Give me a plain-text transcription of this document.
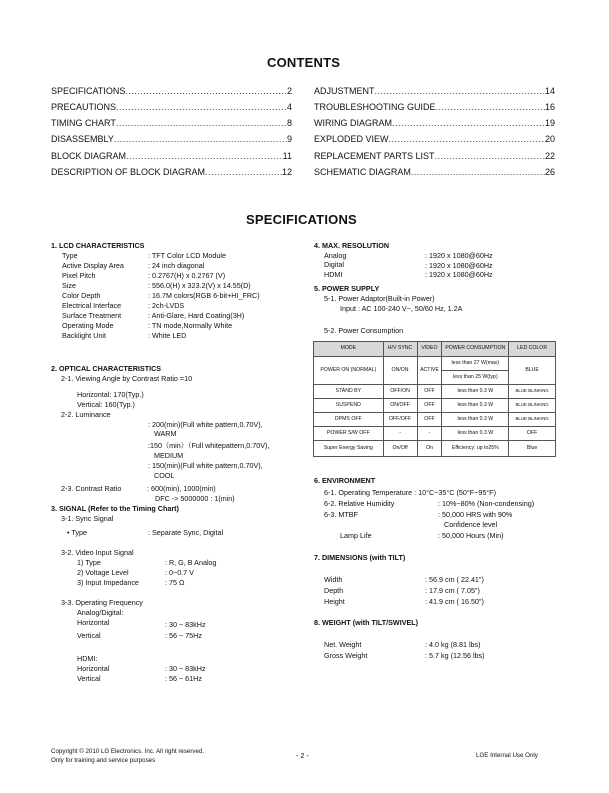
CONTENTS
SPECIFICATIONS .....	2
PRECAUTIONS .....	4
TIMING CHART .....	8
DISASSEMBLY .....	9
BLOCK DIAGRAM .....	11
DESCRIPTION OF BLOCK DIAGRAM .....	12
ADJUSTMENT .....	14
TROUBLESHOOTING GUIDE .....	16
WIRING DIAGRAM .....	19
EXPLODED VIEW .....	20
REPLACEMENT PARTS LIST .....	22
SCHEMATIC DIAGRAM .....	26
SPECIFICATIONS
1. LCD CHARACTERISTICS
Type	: TFT Color LCD Module
Active Display Area	: 24 inch diagonal
Pixel Pitch	: 0.2767(H) x 0.2767 (V)
Size	: 556.0(H) x 323.2(V) x 14.55(D)
Color Depth	: 16.7M colors(RGB 6-bit+HI_FRC)
Electrical Interface	: 2ch-LVDS
Surface Treatment	: Anti-Glare, Hard Coating(3H)
Operating Mode	: TN mode,Normally White
Backlight Unit	: White LED
2. OPTICAL CHARACTERISTICS
2-1. Viewing Angle by Contrast Ratio =10
Horizontal: 170(Typ.)
Vertical: 160(Typ.)
2-2. Luminance
: 200(min)(Full white pattern,0.70V),
WARM
:150（min）（Full whitepattern,0.70V),
MEDIUM
: 150(min)(Full white pattern,0.70V),
COOL
2-3. Contrast Ratio	: 600(min), 1000(min)
DFC -> 5000000 : 1(min)
3. SIGNAL (Refer to the Timing Chart)
3-1. Sync Signal
• Type	: Separate Sync, Digital
3-2. Video Input Signal
1) Type	: R, G, B Analog
2) Voltage Level	: 0~0.7 V
3) Input Impedance	: 75 Ω
3-3. Operating Frequency
Analog/Digital:
Horizontal	: 30 ~ 83kHz
Vertical	: 56 ~ 75Hz
HDMI:
Horizontal	: 30 ~ 83kHz
Vertical	: 56 ~ 61Hz
4. MAX. RESOLUTION
Analog	: 1920 x 1080@60Hz
Digital	: 1920 x 1080@60Hz
HDMI	: 1920 x 1080@60Hz
5. POWER SUPPLY
5-1. Power Adaptor(Built-in Power)
Input : AC 100-240 V~, 50/60 Hz, 1.2A
5-2. Power Consumption
MODE	H/V SYNC	VIDEO	POWER CONSUMPTION	LED COLOR
POWER ON (NORMAL)	ON/ON	ACTIVE	less than 27 W(max)	BLUE
			less than 25 W(typ)	
STAND BY	OFF/ON	OFF	less than 0.3 W	BLUE BLINKING
SUSPEND	ON/OFF	OFF	less than 0.3 W	BLUE BLINKING
DPMS OFF	OFF/OFF	OFF	less than 0.3 W	BLUE BLINKING
POWER S/W OFF	-	-	less than 0.3 W	OFF
Super Energy Saving	On/Off	On	Efficiency: up to25%	Blue
6. ENVIRONMENT
6-1. Operating Temperature : 10°C~35°C (50°F~95°F)
6-2. Relative Humidity	: 10%~80% (Non-condensing)
6-3. MTBF	: 50,000 HRS with 90%
Confidence level
Lamp Life	: 50,000 Hours (Min)
7. DIMENSIONS (with TILT)
Width	: 56.9 cm ( 22.41")
Depth	: 17.9 cm ( 7.05")
Height	: 41.9 cm ( 16.50")
8. WEIGHT (with TILT/SWIVEL)
Net. Weight	: 4.0 kg (8.81 lbs)
Gross Weight	: 5.7 kg (12.56 lbs)
Copyright © 2010 LG Electronics. Inc. All right reserved.
Only for training and service purposes
- 2 -	LGE Internal Use Only
